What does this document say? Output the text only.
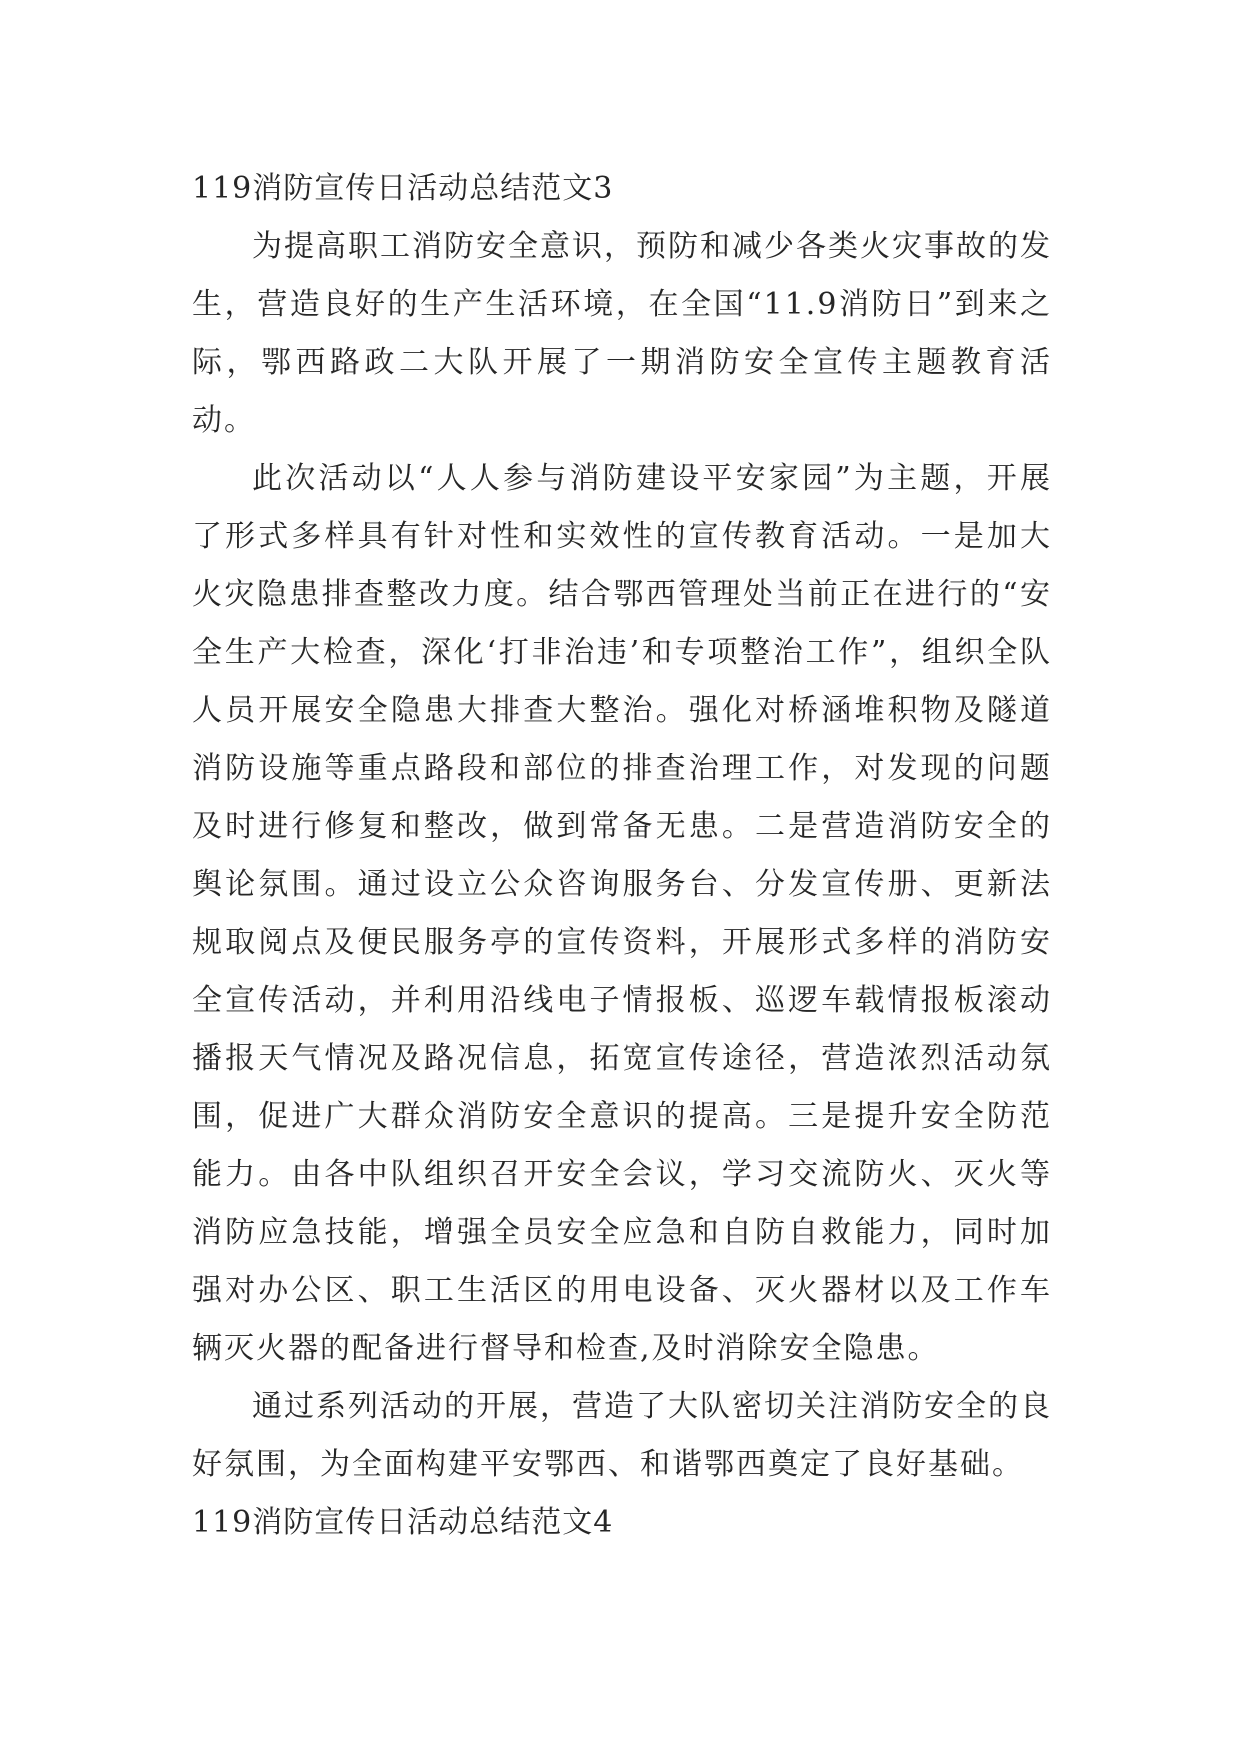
119消防宣传日活动总结范文3

为提高职工消防安全意识，预防和减少各类火灾事故的发生，营造良好的生产生活环境，在全国“11.9消防日”到来之际，鄂西路政二大队开展了一期消防安全宣传主题教育活动。

此次活动以“人人参与消防建设平安家园”为主题，开展了形式多样具有针对性和实效性的宣传教育活动。一是加大火灾隐患排查整改力度。结合鄂西管理处当前正在进行的“安全生产大检查，深化‘打非治违’和专项整治工作”，组织全队人员开展安全隐患大排查大整治。强化对桥涵堆积物及隧道消防设施等重点路段和部位的排查治理工作，对发现的问题及时进行修复和整改，做到常备无患。二是营造消防安全的舆论氛围。通过设立公众咨询服务台、分发宣传册、更新法规取阅点及便民服务亭的宣传资料，开展形式多样的消防安全宣传活动，并利用沿线电子情报板、巡逻车载情报板滚动播报天气情况及路况信息，拓宽宣传途径，营造浓烈活动氛围，促进广大群众消防安全意识的提高。三是提升安全防范能力。由各中队组织召开安全会议，学习交流防火、灭火等消防应急技能，增强全员安全应急和自防自救能力，同时加强对办公区、职工生活区的用电设备、灭火器材以及工作车辆灭火器的配备进行督导和检查,及时消除安全隐患。

通过系列活动的开展，营造了大队密切关注消防安全的良好氛围，为全面构建平安鄂西、和谐鄂西奠定了良好基础。

119消防宣传日活动总结范文4
